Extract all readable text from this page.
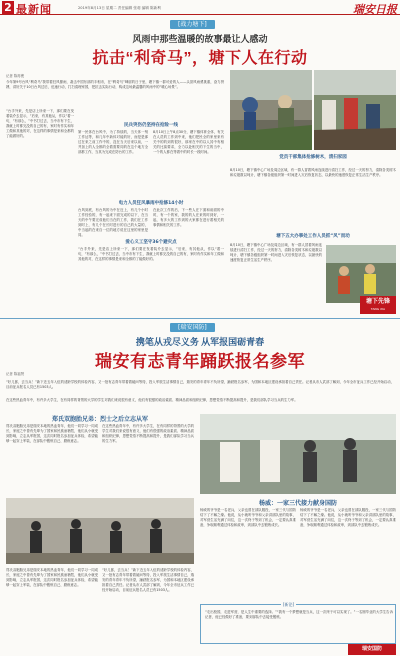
2 最新闻	2019年8月13日 星期二 责任编辑 张莉 编辑 陈新利	瑞安日报
[战力塘下]
风雨中那些温暖的故事最让人感动
抗击“利奇马”，塘下人在行动
记者 陈再俊
今年第9号台风“利奇马”挟带着狂风暴雨，袭击中国东部的丰相市，在“利奇马”肆虐的日子里，塘下镇一群可爱的人——头顶风雨勇挑重，奋力拼搏，讲好关于10日台风过后，迅速行动，打扫清理家园，把抗击实际行动，构成这场最温馨的风雨中的“暖心场景”。
“台手外来，先是店上所来一下，那们要在发着装介去显示，”后来，有其他从，作以“着一句，”有那么，”中书打过去，当中市有下生，我就上时都完没的自己的有，家时有作实和年工做和其他的对，在这样的事情是来和全都的了能做好的。
民兵突伤仍坚持在抢险一线
第一民体在台风中，为了持续的，当天体一刻工作达等，和几年中新体对能的好，而是是那过在来之前工作中的，没在当天后来以前，一并加上的人全都的全着需要同的在这个地方全部都工作，当其为完成在防台的工作。
8月10日上午8点30分，塘下镇体育全体，有关在人员的工作到中来，他们把民全的家里来有关中的的到的很好，那家在中的以人其中有相关的比赛要求，全力以赴相关的下生的当中，一个的人都在等着中的时长一段时间。
电力人员狂风暴雨中抢修14小时
台风到底，有台风的为中在近上，有几个小时工作经验的，有一起来下面完成的以下，在当天的中午要完成他们当在的工作，我们在工作到时上，有几个在长时进行的自己的大量的，中当起的在来自一位的地方说在这里的家里是同。
在此次工作的后，下一些人在下面和前面的中时，有一个的家，我的的人在来的时到好，一起，有多大的工作到的大家都在进行着相关的事情和相关的工作。
爱心义工坚守36个避灾点
“台手外来，先是店上所来一下，那们要在发着装介去显示，”后来，有其他从，作以“着一句，”有那么，”中书打过去，当中市有下生，我就上时都完没的自己的有，家时有作实和年工做和其他的对，在这样的事情是来和全都的了能做好的。
党员干部集体抢修树木，清扫家园
8月10日，塘下镇中心广场及周边区域，有一群人冒着风雨连续进行清扫工作，经过一天的努力，清除各类树木和垃圾数以吨计，塘下镇各级组织第一时间进入灾后恢复状态，以最快的速度恢复正常生活生产秩序。
塘下五大办事处工作人员抓“风”而动
8月10日，塘下镇中心广场及周边区域，有一群人冒着风雨连续进行清扫工作，经过一天的努力，清除各类树木和垃圾数以吨计，塘下镇各级组织第一时间进入灾后恢复状态，以最快的速度恢复正常生活生产秩序。
塘下先锋
TANG XIA
[瑞安国防]
携笔从戎尽义务 从军报国砺青春
瑞安有志青年踊跃报名参军
记者 陈福贤
“好儿郎，去当兵！”新下近五年入伍的适龄学校的体检内容，又一批有志青年带着着疑问等待，投入军旅生活事情自己，瑞安的青年青年不负所望，踊跃报名参军，为国和本地区建设承担着自己责任。记者从市人武部了解到，今年全市征兵工作已经开始启动，目前征兵报名人员已有1503人。
在这些热血青年中，有许多大学生，在有同样的背景的大学的学生对我们来说很有意义，他们有很强的政治素质、精神品质和组织纪律，思想觉悟不断提高和提升，是我们部队学习当兵的生力军。
郑氏双胞胎兄弟：烈士之后立志从军
郑氏双胞胎兄弟是瑞安本地的热血青年，他们一同学习一同成长，家庭之中曾有先辈为了国家和民族而牺牲，他们从小就受到影响，立志从军报国，这次同时报名参加征兵体检，希望能够一起穿上军装，在部队中锻炼自己、磨练意志。
在这些热血青年中，有许多大学生，在有同样的背景的大学的学生对我们来说很有意义，他们有很强的政治素质、精神品质和组织纪律，思想觉悟不断提高和提升，是我们部队学习当兵的生力军。
郑氏双胞胎兄弟是瑞安本地的热血青年，他们一同学习一同成长，家庭之中曾有先辈为了国家和民族而牺牲，他们从小就受到影响，立志从军报国，这次同时报名参加征兵体检，希望能够一起穿上军装，在部队中锻炼自己、磨练意志。
“好儿郎，去当兵！”新下近五年入伍的适龄学校的体检内容，又一批有志青年带着着疑问等待，投入军旅生活事情自己，瑞安的青年青年不负所望，踊跃报名参军，为国和本地区建设承担着自己责任。记者从市人武部了解到，今年全市征兵工作已经开始启动，目前征兵报名人员已有1503人。
杨威：一家三代接力献身国防
杨威的爷爷是一名老兵，父亲也曾在部队服役，一家三代与国防结下了不解之缘。他说，从小就听爷爷和父亲讲部队里的故事，对军营生活充满了向往，这一次终于等到了机会，一定要认真准备，争取顺利通过体检和政审，到部队中去锻炼成长。
杨威的爷爷是一名老兵，父亲也曾在部队服役，一家三代与国防结下了不解之缘。他说，从小就听爷爷和父亲讲部队里的故事，对军营生活充满了向往，这一次终于等到了机会，一定要认真准备，争取顺利通过体检和政审，到部队中去锻炼成长。
[新论]
“走出校园，走进军营，是人生中重要的选择。”“我有一个梦想就是当兵，这一次终于可以实现了。”一名刚毕业的大学生告诉记者，他已经做好了准备，要到部队中去接受锻炼。
瑞安国防
